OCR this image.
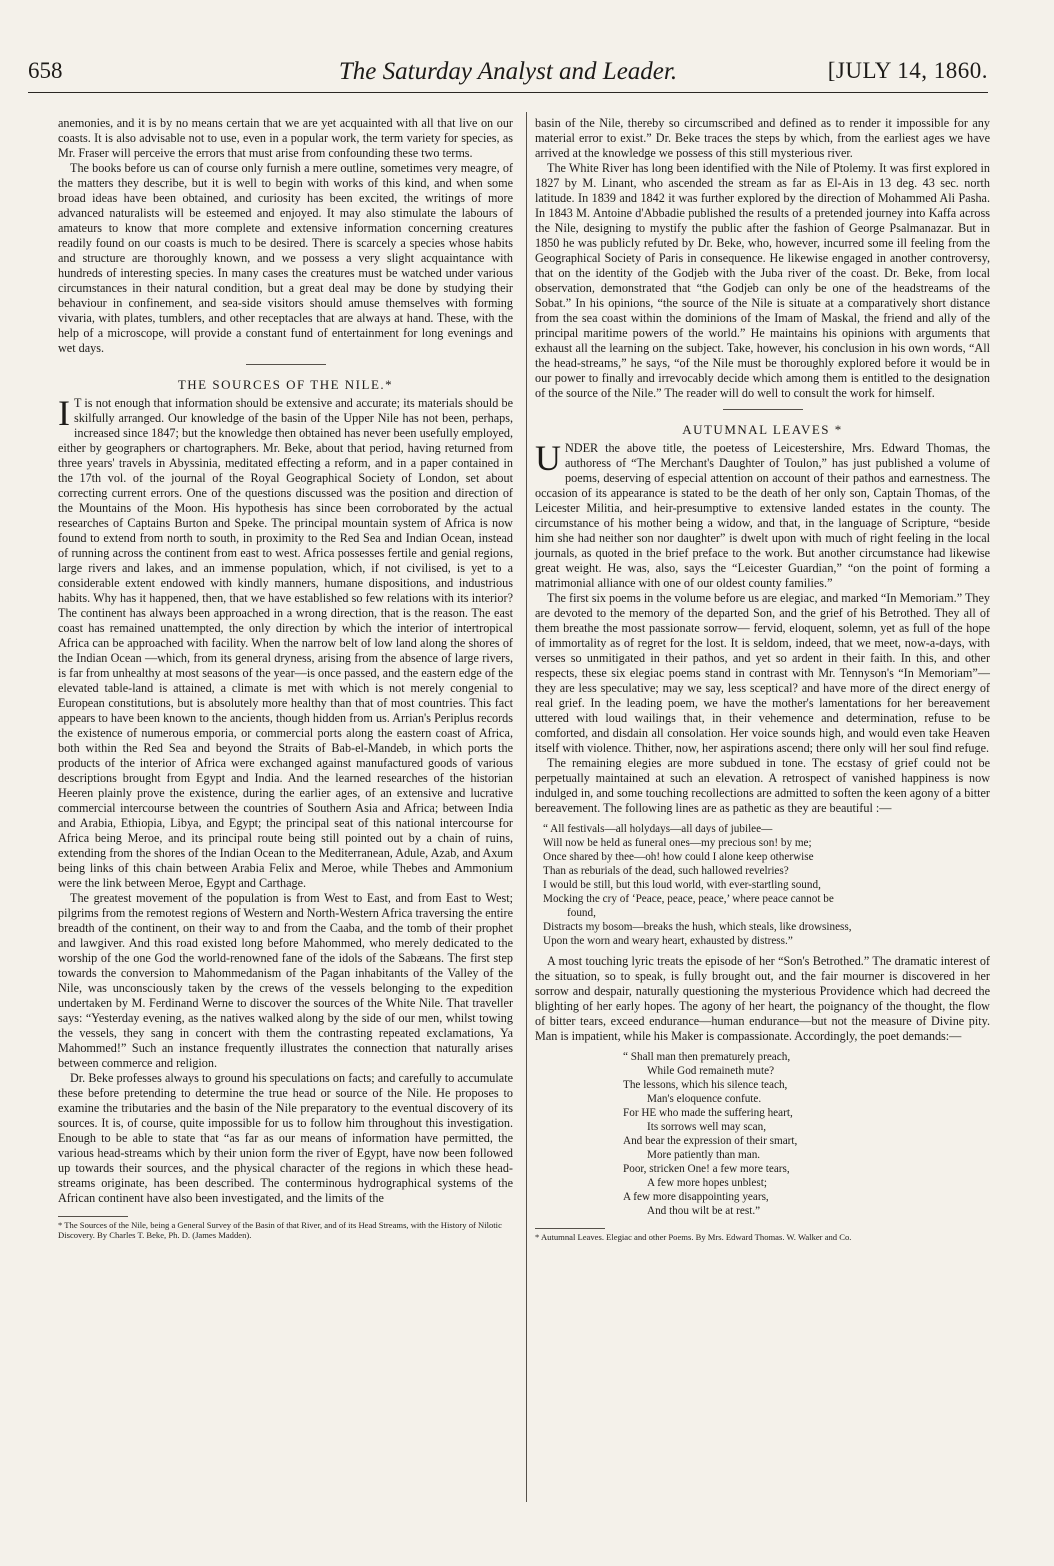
658	The Saturday Analyst and Leader.	[JULY 14, 1860.

anemonies, and it is by no means certain that we are yet acquainted with all that live on our coasts. It is also advisable not to use, even in a popular work, the term variety for species, as Mr. Fraser will perceive the errors that must arise from confounding these two terms.

The books before us can of course only furnish a mere outline, sometimes very meagre, of the matters they describe, but it is well to begin with works of this kind, and when some broad ideas have been obtained, and curiosity has been excited, the writings of more advanced naturalists will be esteemed and enjoyed. It may also stimulate the labours of amateurs to know that more complete and extensive information concerning creatures readily found on our coasts is much to be desired. There is scarcely a species whose habits and structure are thoroughly known, and we possess a very slight acquaintance with hundreds of interesting species. In many cases the creatures must be watched under various circumstances in their natural condition, but a great deal may be done by studying their behaviour in confinement, and sea-side visitors should amuse themselves with forming vivaria, with plates, tumblers, and other receptacles that are always at hand. These, with the help of a microscope, will provide a constant fund of entertainment for long evenings and wet days.

THE SOURCES OF THE NILE.*

I T is not enough that information should be extensive and accurate; its materials should be skilfully arranged. Our knowledge of the basin of the Upper Nile has not been, perhaps, increased since 1847; but the knowledge then obtained has never been usefully employed, either by geographers or chartographers. Mr. Beke, about that period, having returned from three years' travels in Abyssinia, meditated effecting a reform, and in a paper contained in the 17th vol. of the journal of the Royal Geographical Society of London, set about correcting current errors. One of the questions discussed was the position and direction of the Mountains of the Moon. His hypothesis has since been corroborated by the actual researches of Captains Burton and Speke. The principal mountain system of Africa is now found to extend from north to south, in proximity to the Red Sea and Indian Ocean, instead of running across the continent from east to west. Africa possesses fertile and genial regions, large rivers and lakes, and an immense population, which, if not civilised, is yet to a considerable extent endowed with kindly manners, humane dispositions, and industrious habits. Why has it happened, then, that we have established so few relations with its interior? The continent has always been approached in a wrong direction, that is the reason. The east coast has remained unattempted, the only direction by which the interior of intertropical Africa can be approached with facility. When the narrow belt of low land along the shores of the Indian Ocean —which, from its general dryness, arising from the absence of large rivers, is far from unhealthy at most seasons of the year—is once passed, and the eastern edge of the elevated table-land is attained, a climate is met with which is not merely congenial to European constitutions, but is absolutely more healthy than that of most countries. This fact appears to have been known to the ancients, though hidden from us. Arrian's Periplus records the existence of numerous emporia, or commercial ports along the eastern coast of Africa, both within the Red Sea and beyond the Straits of Bab-el-Mandeb, in which ports the products of the interior of Africa were exchanged against manufactured goods of various descriptions brought from Egypt and India. And the learned researches of the historian Heeren plainly prove the existence, during the earlier ages, of an extensive and lucrative commercial intercourse between the countries of Southern Asia and Africa; between India and Arabia, Ethiopia, Libya, and Egypt; the principal seat of this national intercourse for Africa being Meroe, and its principal route being still pointed out by a chain of ruins, extending from the shores of the Indian Ocean to the Mediterranean, Adule, Azab, and Axum being links of this chain between Arabia Felix and Meroe, while Thebes and Ammonium were the link between Meroe, Egypt and Carthage.

The greatest movement of the population is from West to East, and from East to West; pilgrims from the remotest regions of Western and North-Western Africa traversing the entire breadth of the continent, on their way to and from the Caaba, and the tomb of their prophet and lawgiver. And this road existed long before Mahommed, who merely dedicated to the worship of the one God the world-renowned fane of the idols of the Sabæans. The first step towards the conversion to Mahommedanism of the Pagan inhabitants of the Valley of the Nile, was unconsciously taken by the crews of the vessels belonging to the expedition undertaken by M. Ferdinand Werne to discover the sources of the White Nile. That traveller says: “Yesterday evening, as the natives walked along by the side of our men, whilst towing the vessels, they sang in concert with them the contrasting repeated exclamations, Ya Mahommed!” Such an instance frequently illustrates the connection that naturally arises between commerce and religion.

Dr. Beke professes always to ground his speculations on facts; and carefully to accumulate these before pretending to determine the true head or source of the Nile. He proposes to examine the tributaries and the basin of the Nile preparatory to the eventual discovery of its sources. It is, of course, quite impossible for us to follow him throughout this investigation. Enough to be able to state that “as far as our means of information have permitted, the various head-streams which by their union form the river of Egypt, have now been followed up towards their sources, and the physical character of the regions in which these head-streams originate, has been described. The conterminous hydrographical systems of the African continent have also been investigated, and the limits of the

* The Sources of the Nile, being a General Survey of the Basin of that River, and of its Head Streams, with the History of Nilotic Discovery. By Charles T. Beke, Ph. D. (James Madden).

basin of the Nile, thereby so circumscribed and defined as to render it impossible for any material error to exist.” Dr. Beke traces the steps by which, from the earliest ages we have arrived at the knowledge we possess of this still mysterious river.

The White River has long been identified with the Nile of Ptolemy. It was first explored in 1827 by M. Linant, who ascended the stream as far as El-Ais in 13 deg. 43 sec. north latitude. In 1839 and 1842 it was further explored by the direction of Mohammed Ali Pasha. In 1843 M. Antoine d'Abbadie published the results of a pretended journey into Kaffa across the Nile, designing to mystify the public after the fashion of George Psalmanazar. But in 1850 he was publicly refuted by Dr. Beke, who, however, incurred some ill feeling from the Geographical Society of Paris in consequence. He likewise engaged in another controversy, that on the identity of the Godjeb with the Juba river of the coast. Dr. Beke, from local observation, demonstrated that “the Godjeb can only be one of the headstreams of the Sobat.” In his opinions, “the source of the Nile is situate at a comparatively short distance from the sea coast within the dominions of the Imam of Maskal, the friend and ally of the principal maritime powers of the world.” He maintains his opinions with arguments that exhaust all the learning on the subject. Take, however, his conclusion in his own words, “All the head-streams,” he says, “of the Nile must be thoroughly explored before it would be in our power to finally and irrevocably decide which among them is entitled to the designation of the source of the Nile.” The reader will do well to consult the work for himself.

AUTUMNAL LEAVES *

UNDER the above title, the poetess of Leicestershire, Mrs. Edward Thomas, the authoress of “The Merchant's Daughter of Toulon,” has just published a volume of poems, deserving of especial attention on account of their pathos and earnestness. The occasion of its appearance is stated to be the death of her only son, Captain Thomas, of the Leicester Militia, and heir-presumptive to extensive landed estates in the county. The circumstance of his mother being a widow, and that, in the language of Scripture, “beside him she had neither son nor daughter” is dwelt upon with much of right feeling in the local journals, as quoted in the brief preface to the work. But another circumstance had likewise great weight. He was, also, says the “Leicester Guardian,” “on the point of forming a matrimonial alliance with one of our oldest county families.”

The first six poems in the volume before us are elegiac, and marked “In Memoriam.” They are devoted to the memory of the departed Son, and the grief of his Betrothed. They all of them breathe the most passionate sorrow— fervid, eloquent, solemn, yet as full of the hope of immortality as of regret for the lost. It is seldom, indeed, that we meet, now-a-days, with verses so unmitigated in their pathos, and yet so ardent in their faith. In this, and other respects, these six elegiac poems stand in contrast with Mr. Tennyson's “In Memoriam”—they are less speculative; may we say, less sceptical? and have more of the direct energy of real grief. In the leading poem, we have the mother's lamentations for her bereavement uttered with loud wailings that, in their vehemence and determination, refuse to be comforted, and disdain all consolation. Her voice sounds high, and would even take Heaven itself with violence. Thither, now, her aspirations ascend; there only will her soul find refuge.

The remaining elegies are more subdued in tone. The ecstasy of grief could not be perpetually maintained at such an elevation. A retrospect of vanished happiness is now indulged in, and some touching recollections are admitted to soften the keen agony of a bitter bereavement. The following lines are as pathetic as they are beautiful :—

“ All festivals—all holydays—all days of jubilee—
Will now be held as funeral ones—my precious son! by me;
Once shared by thee—oh! how could I alone keep otherwise
Than as reburials of the dead, such hallowed revelries?
I would be still, but this loud world, with ever-startling sound,
Mocking the cry of ‘Peace, peace, peace,’ where peace cannot be
found,
Distracts my bosom—breaks the hush, which steals, like drowsiness,
Upon the worn and weary heart, exhausted by distress.”

A most touching lyric treats the episode of her “Son's Betrothed.” The dramatic interest of the situation, so to speak, is fully brought out, and the fair mourner is discovered in her sorrow and despair, naturally questioning the mysterious Providence which had decreed the blighting of her early hopes. The agony of her heart, the poignancy of the thought, the flow of bitter tears, exceed endurance—human endurance—but not the measure of Divine pity. Man is impatient, while his Maker is compassionate. Accordingly, the poet demands:—

“ Shall man then prematurely preach,
While God remaineth mute?
The lessons, which his silence teach,
Man's eloquence confute.
For HE who made the suffering heart,
Its sorrows well may scan,
And bear the expression of their smart,
More patiently than man.
Poor, stricken One! a few more tears,
A few more hopes unblest;
A few more disappointing years,
And thou wilt be at rest.”
* Autumnal Leaves. Elegiac and other Poems. By Mrs. Edward Thomas. W. Walker and Co.
